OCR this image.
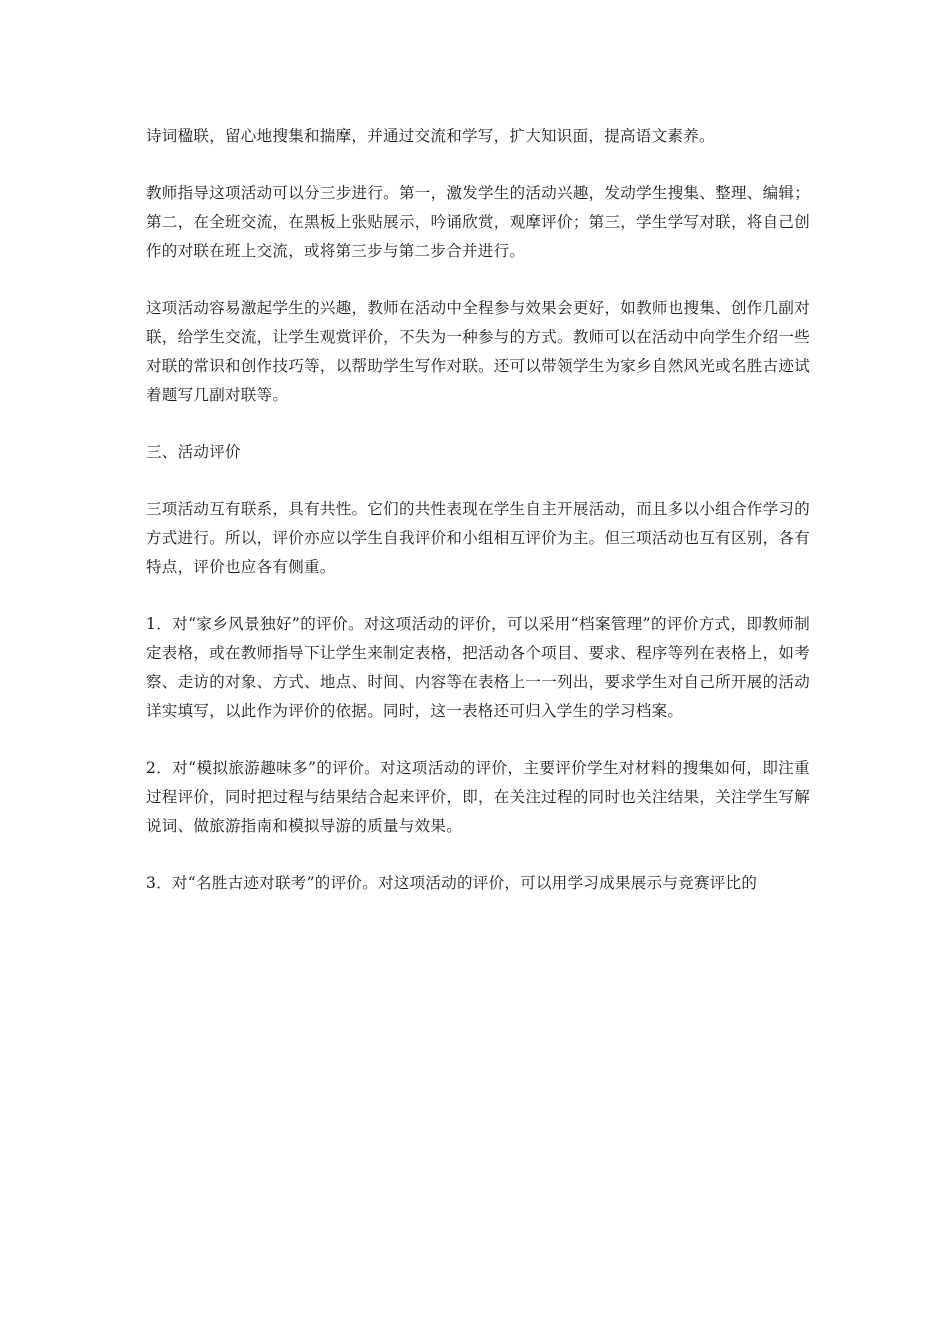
诗词楹联，留心地搜集和揣摩，并通过交流和学写，扩大知识面，提高语文素养。

教师指导这项活动可以分三步进行。第一，激发学生的活动兴趣，发动学生搜集、整理、编辑；第二，在全班交流，在黑板上张贴展示，吟诵欣赏，观摩评价；第三，学生学写对联，将自己创作的对联在班上交流，或将第三步与第二步合并进行。

这项活动容易激起学生的兴趣，教师在活动中全程参与效果会更好，如教师也搜集、创作几副对联，给学生交流，让学生观赏评价，不失为一种参与的方式。教师可以在活动中向学生介绍一些对联的常识和创作技巧等，以帮助学生写作对联。还可以带领学生为家乡自然风光或名胜古迹试着题写几副对联等。

三、活动评价

三项活动互有联系，具有共性。它们的共性表现在学生自主开展活动，而且多以小组合作学习的方式进行。所以，评价亦应以学生自我评价和小组相互评价为主。但三项活动也互有区别，各有特点，评价也应各有侧重。

1．对“家乡风景独好”的评价。对这项活动的评价，可以采用“档案管理”的评价方式，即教师制定表格，或在教师指导下让学生来制定表格，把活动各个项目、要求、程序等列在表格上，如考察、走访的对象、方式、地点、时间、内容等在表格上一一列出，要求学生对自己所开展的活动详实填写，以此作为评价的依据。同时，这一表格还可归入学生的学习档案。

2．对“模拟旅游趣味多”的评价。对这项活动的评价，主要评价学生对材料的搜集如何，即注重过程评价，同时把过程与结果结合起来评价，即，在关注过程的同时也关注结果，关注学生写解说词、做旅游指南和模拟导游的质量与效果。

3．对“名胜古迹对联考”的评价。对这项活动的评价，可以用学习成果展示与竞赛评比的
